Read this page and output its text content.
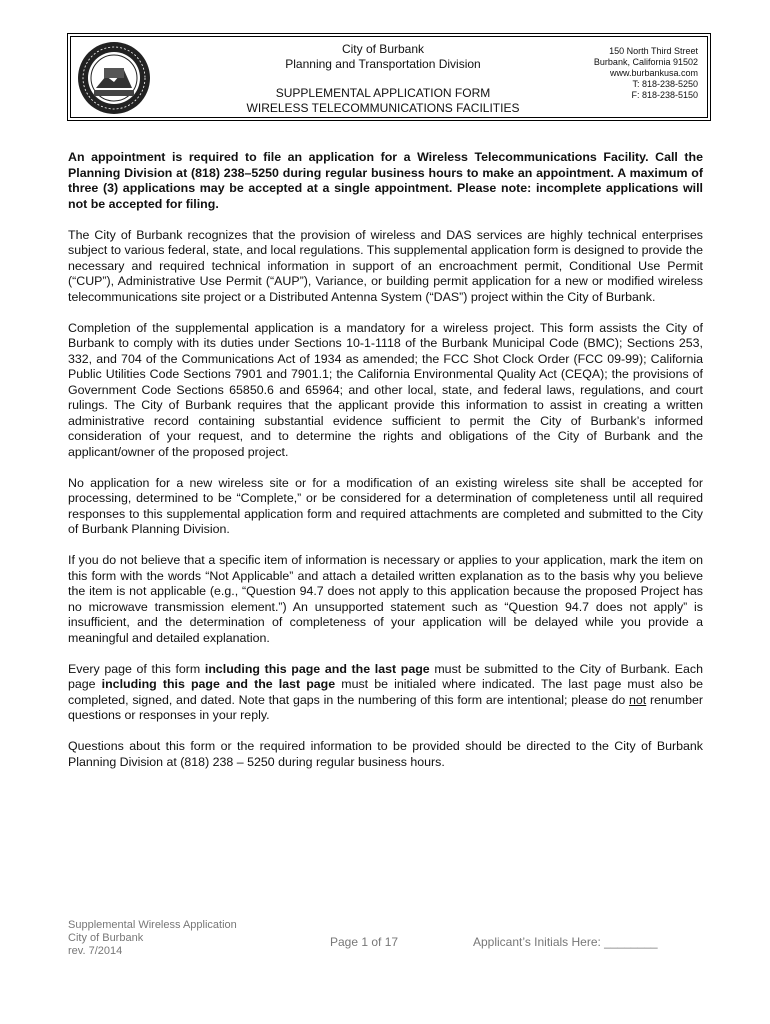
City of Burbank
Planning and Transportation Division
SUPPLEMENTAL APPLICATION FORM
WIRELESS TELECOMMUNICATIONS FACILITIES
150 North Third Street
Burbank, California 91502
www.burbankusa.com
T: 818-238-5250
F: 818-238-5150

An appointment is required to file an application for a Wireless Telecommunications Facility. Call the Planning Division at (818) 238–5250 during regular business hours to make an appointment. A maximum of three (3) applications may be accepted at a single appointment. Please note: incomplete applications will not be accepted for filing.

The City of Burbank recognizes that the provision of wireless and DAS services are highly technical enterprises subject to various federal, state, and local regulations. This supplemental application form is designed to provide the necessary and required technical information in support of an encroachment permit, Conditional Use Permit (“CUP”), Administrative Use Permit (“AUP”), Variance, or building permit application for a new or modified wireless telecommunications site project or a Distributed Antenna System (“DAS”) project within the City of Burbank.

Completion of the supplemental application is a mandatory for a wireless project. This form assists the City of Burbank to comply with its duties under Sections 10-1-1118 of the Burbank Municipal Code (BMC); Sections 253, 332, and 704 of the Communications Act of 1934 as amended; the FCC Shot Clock Order (FCC 09-99); California Public Utilities Code Sections 7901 and 7901.1; the California Environmental Quality Act (CEQA); the provisions of Government Code Sections 65850.6 and 65964; and other local, state, and federal laws, regulations, and court rulings. The City of Burbank requires that the applicant provide this information to assist in creating a written administrative record containing substantial evidence sufficient to permit the City of Burbank’s informed consideration of your request, and to determine the rights and obligations of the City of Burbank and the applicant/owner of the proposed project.

No application for a new wireless site or for a modification of an existing wireless site shall be accepted for processing, determined to be “Complete,” or be considered for a determination of completeness until all required responses to this supplemental application form and required attachments are completed and submitted to the City of Burbank Planning Division.

If you do not believe that a specific item of information is necessary or applies to your application, mark the item on this form with the words “Not Applicable” and attach a detailed written explanation as to the basis why you believe the item is not applicable (e.g., “Question 94.7 does not apply to this application because the proposed Project has no microwave transmission element.”) An unsupported statement such as “Question 94.7 does not apply” is insufficient, and the determination of completeness of your application will be delayed while you provide a meaningful and detailed explanation.

Every page of this form including this page and the last page must be submitted to the City of Burbank. Each page including this page and the last page must be initialed where indicated. The last page must also be completed, signed, and dated. Note that gaps in the numbering of this form are intentional; please do not renumber questions or responses in your reply.

Questions about this form or the required information to be provided should be directed to the City of Burbank Planning Division at (818) 238 – 5250 during regular business hours.

Supplemental Wireless Application
City of Burbank
rev. 7/2014
Page 1 of 17	Applicant’s Initials Here: ________
